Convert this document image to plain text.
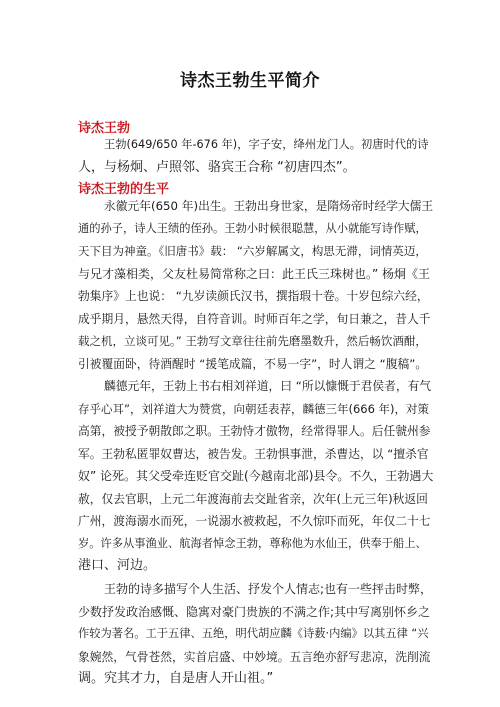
诗杰王勃生平简介
诗杰王勃
王勃(649/650 年-676 年)，字子安，绛州龙门人。初唐时代的诗
人，与杨炯、卢照邻、骆宾王合称 “初唐四杰”。
诗杰王勃的生平
永徽元年(650 年)出生。王勃出身世家，是隋炀帝时经学大儒王
通的孙子，诗人王绩的侄孙。王勃小时候很聪慧，从小就能写诗作赋，
天下目为神童。《旧唐书》载： “六岁解属文，构思无滞，词情英迈，
与兄才藻相类，父友杜易简常称之曰：此王氏三珠树也。” 杨炯《王
勃集序》上也说： “九岁读颜氏汉书，撰指瑕十卷。十岁包综六经，
成乎期月，悬然天得，自符音训。时师百年之学，旬日兼之，昔人千
载之机，立谈可见。” 王勃写文章往往前先磨墨数升，然后畅饮酒酣，
引被覆面卧，待酒醒时 “援笔成篇，不易一字”，时人谓之 “腹稿”。
麟德元年，王勃上书右相刘祥道，曰 “所以慷慨于君侯者，有气
存乎心耳”，刘祥道大为赞赏，向朝廷表荐，麟德三年(666 年)，对策
高第，被授予朝散郎之职。王勃恃才傲物，经常得罪人。后任虢州参
军。王勃私匿罪奴曹达，被告发。王勃惧事泄，杀曹达，以 “擅杀官
奴” 论死。其父受牵连贬官交趾(今越南北部)县令。不久，王勃遇大
赦，仅去官职，上元二年渡海前去交趾省亲，次年(上元三年)秋返回
广州，渡海溺水而死，一说溺水被救起，不久惊吓而死，年仅二十七
岁。许多从事渔业、航海者悼念王勃，尊称他为水仙王，供奉于船上、
港口、河边。
王勃的诗多描写个人生活、抒发个人情志;也有一些抨击时弊，
少数抒发政治感慨、隐寓对豪门贵族的不满之作;其中写离别怀乡之
作较为著名。工于五律、五绝，明代胡应麟《诗薮·内编》以其五律 “兴
象婉然，气骨苍然，实首启盛、中妙境。五言绝亦舒写悲凉，洗削流
调。究其才力，自是唐人开山祖。”
